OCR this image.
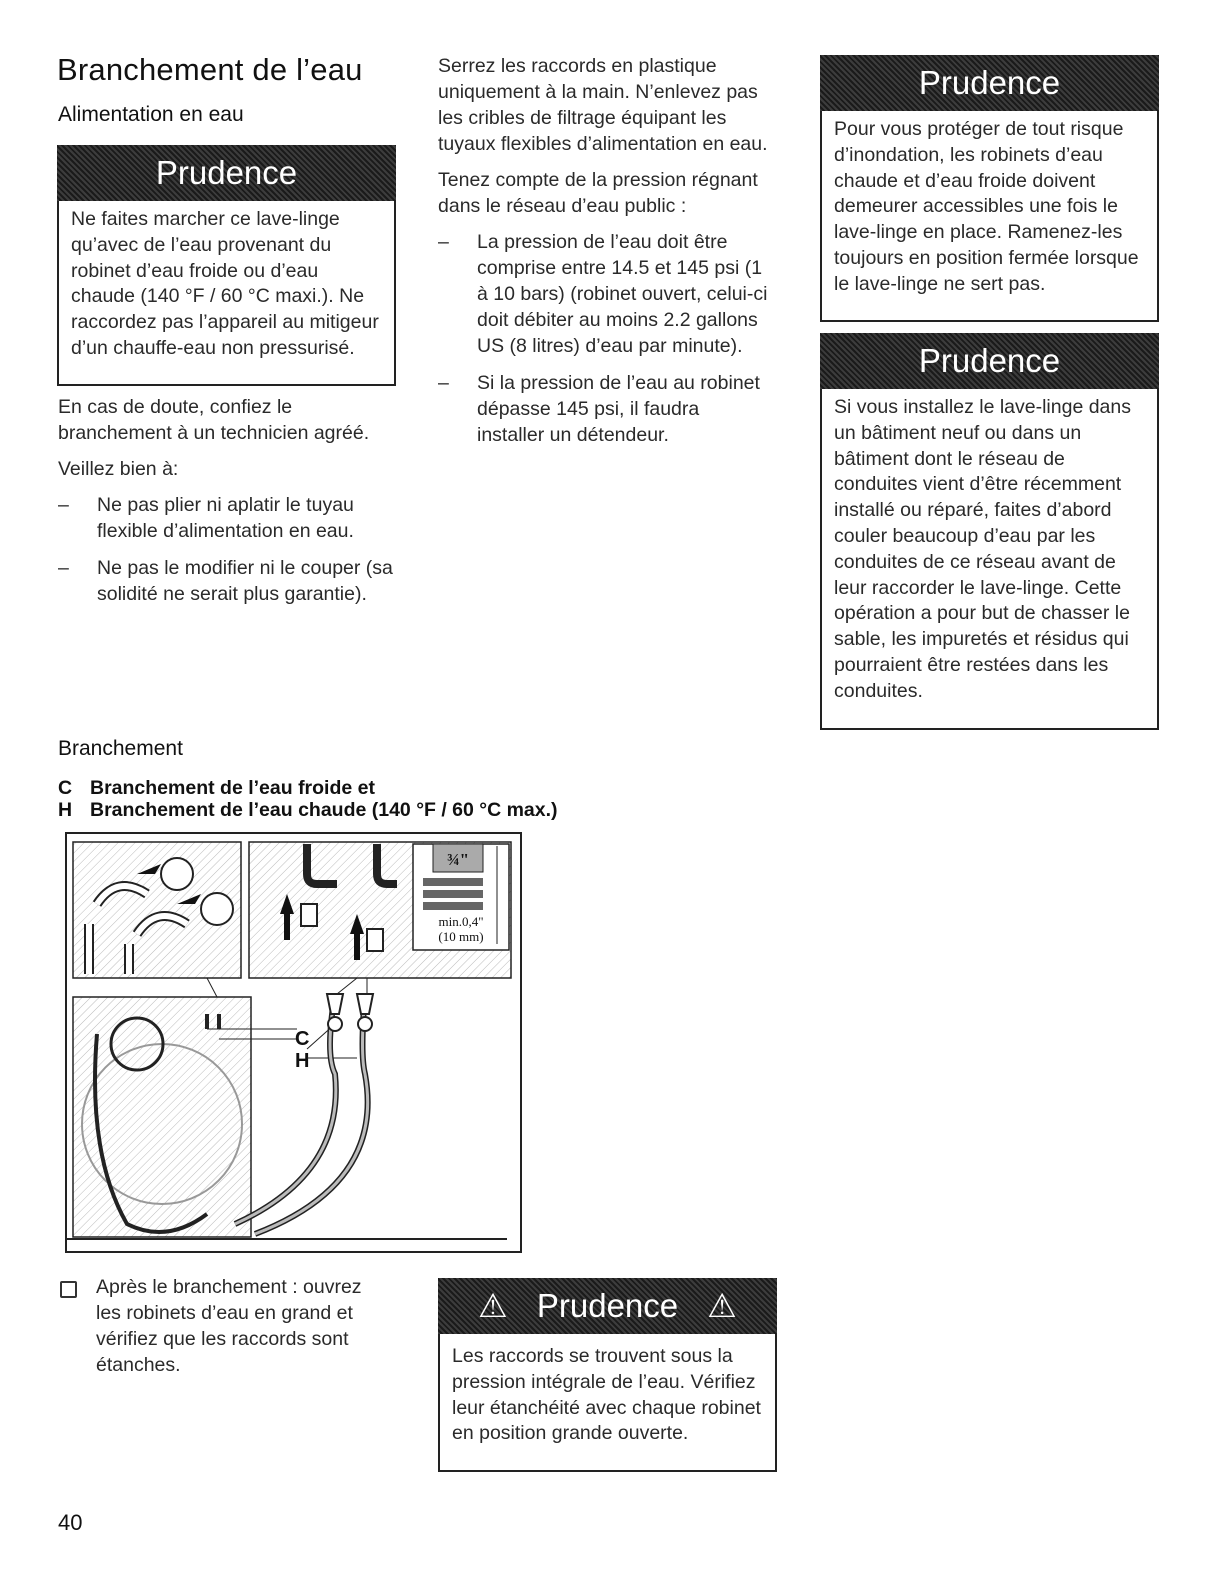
Branchement de l’eau
Alimentation en eau
Prudence
Ne faites marcher ce lave-linge qu’avec de l’eau provenant du robinet d’eau froide ou d’eau chaude (140 °F / 60 °C maxi.). Ne raccordez pas l’appareil au mitigeur d’un chauffe-eau non pressurisé.

En cas de doute, confiez le branchement à un technicien agréé.

Veillez bien à:

– Ne pas plier ni aplatir le tuyau flexible d’alimentation en eau.
– Ne pas le modifier ni le couper (sa solidité ne serait plus garantie).

Serrez les raccords en plastique uniquement à la main. N’enlevez pas les cribles de filtrage équipant les tuyaux flexibles d’alimentation en eau.

Tenez compte de la pression régnant dans le réseau d’eau public :

– La pression de l’eau doit être comprise entre 14.5 et 145 psi (1 à 10 bars) (robinet ouvert, celui-ci doit débiter au moins 2.2 gallons US (8 litres) d’eau par minute).
– Si la pression de l’eau au robinet dépasse 145 psi, il faudra installer un détendeur.
Prudence
Pour vous protéger de tout risque d’inondation, les robinets d’eau chaude et d’eau froide doivent demeurer accessibles une fois le lave-linge en place. Ramenez-les toujours en position fermée lorsque le lave-linge ne sert pas.
Prudence
Si vous installez le lave-linge dans un bâtiment neuf ou dans un bâtiment dont le réseau de conduites vient d’être récemment installé ou réparé, faites d’abord couler beaucoup d’eau par les conduites de ce réseau avant de leur raccorder le lave-linge. Cette opération a pour but de chasser le sable, les impuretés et résidus qui pourraient être restées dans les conduites.
Branchement
C Branchement de l’eau froide et
H Branchement de l’eau chaude (140 °F / 60 °C max.)
¾"
min.0,4"
(10 mm)
C
H
Après le branchement : ouvrez les robinets d’eau en grand et vérifiez que les raccords sont étanches.
⚠ Prudence ⚠
Les raccords se trouvent sous la pression intégrale de l’eau. Vérifiez leur étanchéité avec chaque robinet en position grande ouverte.
40
